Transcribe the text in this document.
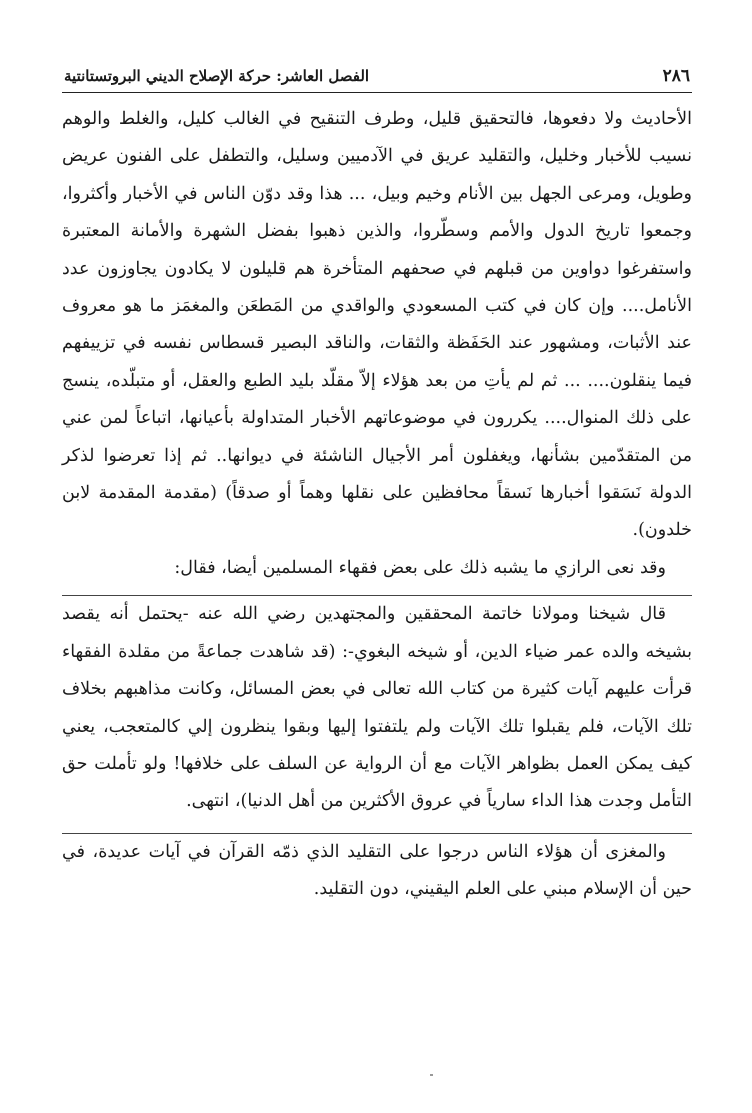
٢٨٦
الفصل العاشر: حركة الإصلاح الديني البروتستانتية

الأحاديث ولا دفعوها، فالتحقيق قليل، وطرف التنقيح في الغالب كليل، والغلط والوهم نسيب للأخبار وخليل، والتقليد عريق في الآدميين وسليل، والتطفل على الفنون عريض وطويل، ومرعى الجهل بين الأنام وخيم وبيل، ... هذا وقد دوّن الناس في الأخبار وأكثروا، وجمعوا تاريخ الدول والأمم وسطّروا، والذين ذهبوا بفضل الشهرة والأمانة المعتبرة واستفرغوا دواوين من قبلهم في صحفهم المتأخرة هم قليلون لا يكادون يجاوزون عدد الأنامل.... وإن كان في كتب المسعودي والواقدي من المَطعَن والمغمَز ما هو معروف عند الأثبات، ومشهور عند الحَفَظة والثقات، والناقد البصير قسطاس نفسه في تزييفهم فيما ينقلون.... ... ثم لم يأتِ من بعد هؤلاء إلاّ مقلّد بليد الطبع والعقل، أو متبلّده، ينسج على ذلك المنوال.... يكررون في موضوعاتهم الأخبار المتداولة بأعيانها، اتباعاً لمن عني من المتقدّمين بشأنها، ويغفلون أمر الأجيال الناشئة في ديوانها.. ثم إذا تعرضوا لذكر الدولة نَسَقوا أخبارها نَسقاً محافظين على نقلها وهماً أو صدقاً) (مقدمة المقدمة لابن خلدون).

وقد نعى الرازي ما يشبه ذلك على بعض فقهاء المسلمين أيضا، فقال:

قال شيخنا ومولانا خاتمة المحققين والمجتهدين رضي الله عنه -يحتمل أنه يقصد بشيخه والده عمر ضياء الدين، أو شيخه البغوي-: (قد شاهدت جماعةً من مقلدة الفقهاء قرأت عليهم آيات كثيرة من كتاب الله تعالى في بعض المسائل، وكانت مذاهبهم بخلاف تلك الآيات، فلم يقبلوا تلك الآيات ولم يلتفتوا إليها وبقوا ينظرون إلي كالمتعجب، يعني كيف يمكن العمل بظواهر الآيات مع أن الرواية عن السلف على خلافها! ولو تأملت حق التأمل وجدت هذا الداء سارياً في عروق الأكثرين من أهل الدنيا)، انتهى.

والمغزى أن هؤلاء الناس درجوا على التقليد الذي ذمّه القرآن في آيات عديدة، في حين أن الإسلام مبني على العلم اليقيني، دون التقليد.
